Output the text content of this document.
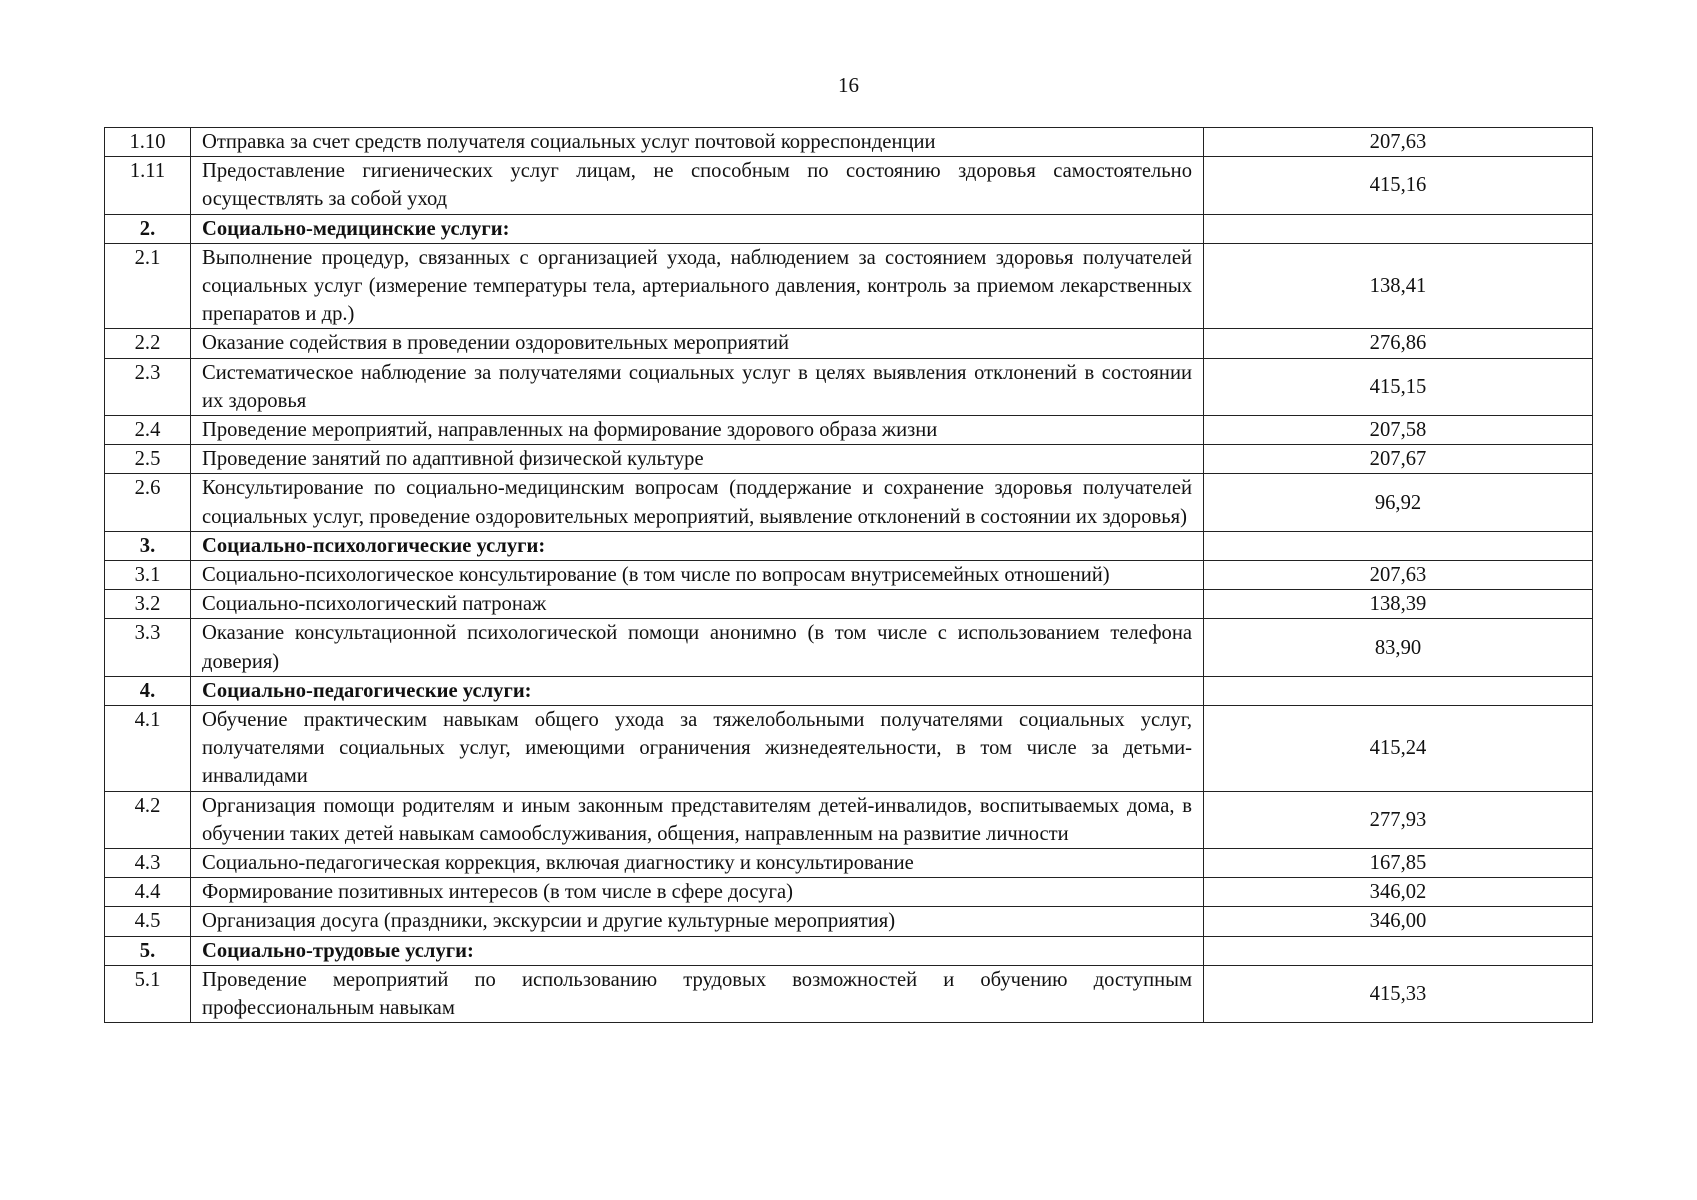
16
1.10	Отправка за счет средств получателя социальных услуг почтовой корреспонденции	207,63
1.11	Предоставление гигиенических услуг лицам, не способным по состоянию здоровья самостоятельно осуществлять за собой уход	415,16
2.	Социально-медицинские услуги:	
2.1	Выполнение процедур, связанных с организацией ухода, наблюдением за состоянием здоровья получателей социальных услуг (измерение температуры тела, артериального давления, контроль за приемом лекарственных препаратов и др.)	138,41
2.2	Оказание содействия в проведении оздоровительных мероприятий	276,86
2.3	Систематическое наблюдение за получателями социальных услуг в целях выявления отклонений в состоянии их здоровья	415,15
2.4	Проведение мероприятий, направленных на формирование здорового образа жизни	207,58
2.5	Проведение занятий по адаптивной физической культуре	207,67
2.6	Консультирование по социально-медицинским вопросам (поддержание и сохранение здоровья получателей социальных услуг, проведение оздоровительных мероприятий, выявление отклонений в состоянии их здоровья)	96,92
3.	Социально-психологические услуги:	
3.1	Социально-психологическое консультирование (в том числе по вопросам внутрисемейных отношений)	207,63
3.2	Социально-психологический патронаж	138,39
3.3	Оказание консультационной психологической помощи анонимно (в том числе с использованием телефона доверия)	83,90
4.	Социально-педагогические услуги:	
4.1	Обучение практическим навыкам общего ухода за тяжелобольными получателями социальных услуг, получателями социальных услуг, имеющими ограничения жизнедеятельности, в том числе за детьми-инвалидами	415,24
4.2	Организация помощи родителям и иным законным представителям детей-инвалидов, воспитываемых дома, в обучении таких детей навыкам самообслуживания, общения, направленным на развитие личности	277,93
4.3	Социально-педагогическая коррекция, включая диагностику и консультирование	167,85
4.4	Формирование позитивных интересов (в том числе в сфере досуга)	346,02
4.5	Организация досуга (праздники, экскурсии и другие культурные мероприятия)	346,00
5.	Социально-трудовые услуги:	
5.1	Проведение мероприятий по использованию трудовых возможностей и обучению доступным профессиональным навыкам	415,33
